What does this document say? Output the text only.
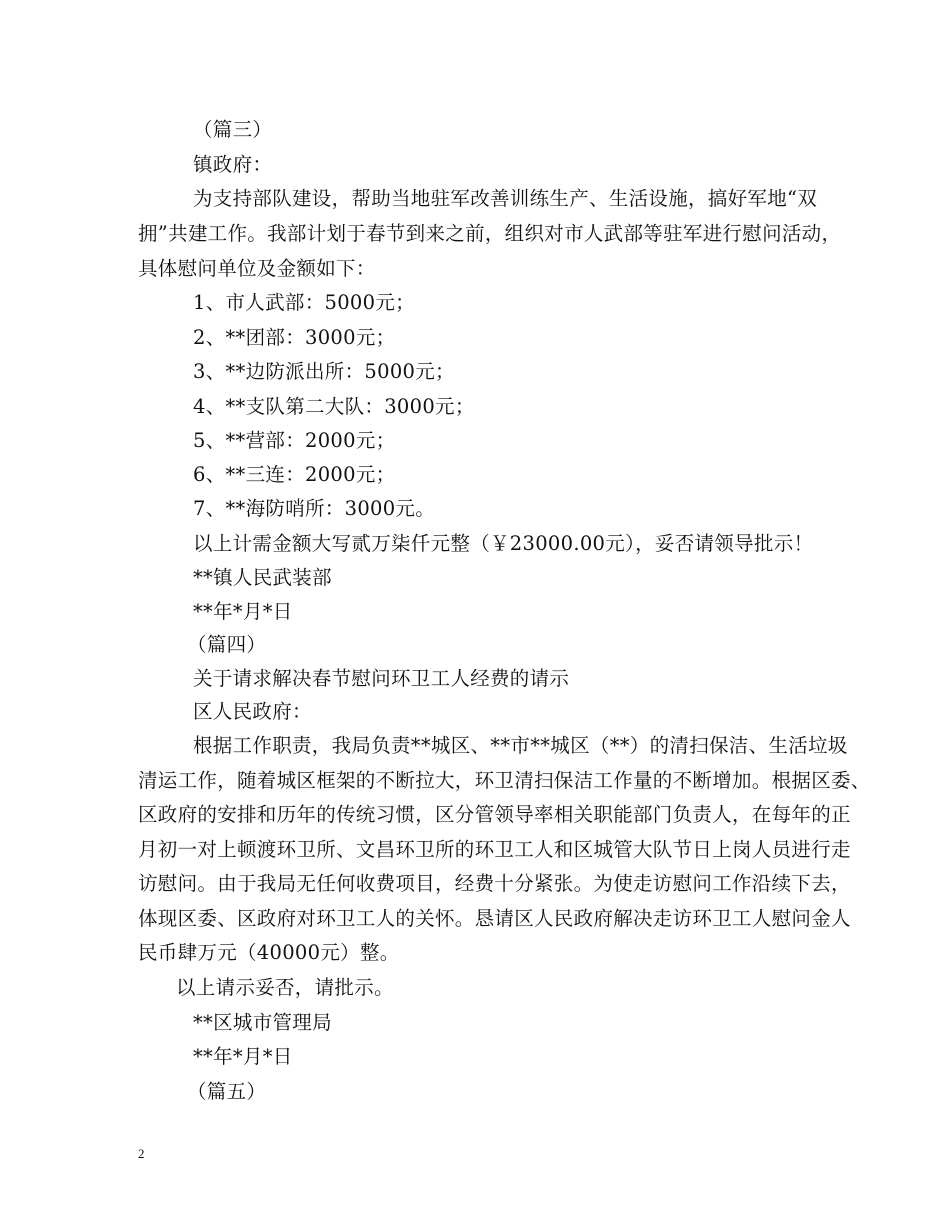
（篇三）
镇政府：
为支持部队建设，帮助当地驻军改善训练生产、生活设施，搞好军地“双
拥”共建工作。我部计划于春节到来之前，组织对市人武部等驻军进行慰问活动，
具体慰问单位及金额如下：
1、市人武部：5000元；
2、**团部：3000元；
3、**边防派出所：5000元；
4、**支队第二大队：3000元；
5、**营部：2000元；
6、**三连：2000元；
7、**海防哨所：3000元。
以上计需金额大写贰万柒仟元整（￥23000.00元），妥否请领导批示！
**镇人民武装部
**年*月*日
（篇四）
关于请求解决春节慰问环卫工人经费的请示
区人民政府：
根据工作职责，我局负责**城区、**市**城区（**）的清扫保洁、生活垃圾
清运工作，随着城区框架的不断拉大，环卫清扫保洁工作量的不断增加。根据区委、
区政府的安排和历年的传统习惯，区分管领导率相关职能部门负责人，在每年的正
月初一对上顿渡环卫所、文昌环卫所的环卫工人和区城管大队节日上岗人员进行走
访慰问。由于我局无任何收费项目，经费十分紧张。为使走访慰问工作沿续下去，
体现区委、区政府对环卫工人的关怀。恳请区人民政府解决走访环卫工人慰问金人
民币肆万元（40000元）整。
以上请示妥否，请批示。
**区城市管理局
**年*月*日
（篇五）
2
